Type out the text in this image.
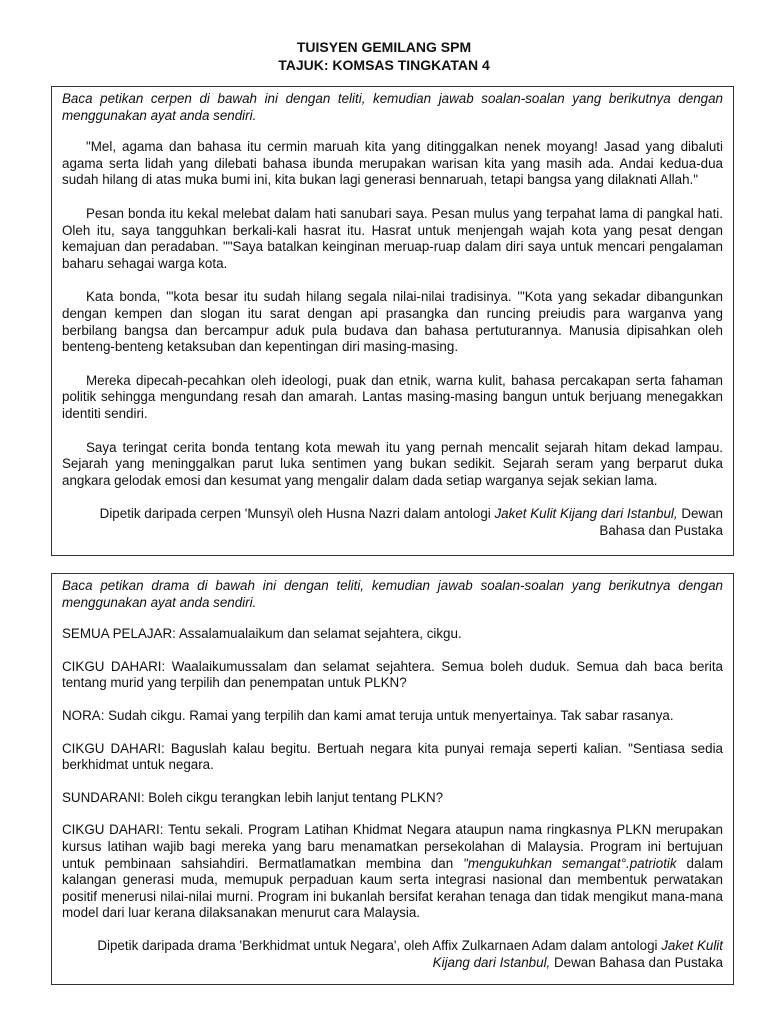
TUISYEN GEMILANG SPM
TAJUK: KOMSAS TINGKATAN 4

Baca petikan cerpen di bawah ini dengan teliti, kemudian jawab soalan-soalan yang berikutnya dengan menggunakan ayat anda sendiri.

"Mel, agama dan bahasa itu cermin maruah kita yang ditinggalkan nenek moyang! Jasad yang dibaluti agama serta lidah yang dilebati bahasa ibunda merupakan warisan kita yang masih ada. Andai kedua-dua sudah hilang di atas muka bumi ini, kita bukan lagi generasi bennaruah, tetapi bangsa yang dilaknati Allah."

Pesan bonda itu kekal melebat dalam hati sanubari saya. Pesan mulus yang terpahat lama di pangkal hati. Oleh itu, saya tangguhkan berkali-kali hasrat itu. Hasrat untuk menjengah wajah kota yang pesat dengan kemajuan dan peradaban. ""Saya batalkan keinginan meruap-ruap dalam diri saya untuk mencari pengalaman baharu sehagai warga kota.

Kata bonda, '"kota besar itu sudah hilang segala nilai-nilai tradisinya. '"Kota yang sekadar dibangunkan dengan kempen dan slogan itu sarat dengan api prasangka dan runcing preiudis para warganva yang berbilang bangsa dan bercampur aduk pula budava dan bahasa pertuturannya. Manusia dipisahkan oleh benteng-benteng ketaksuban dan kepentingan diri masing-masing.

Mereka dipecah-pecahkan oleh ideologi, puak dan etnik, warna kulit, bahasa percakapan serta fahaman politik sehingga mengundang resah dan amarah. Lantas masing-masing bangun untuk berjuang menegakkan identiti sendiri.

Saya teringat cerita bonda tentang kota mewah itu yang pernah mencalit sejarah hitam dekad lampau. Sejarah yang meninggalkan parut luka sentimen yang bukan sedikit. Sejarah seram yang berparut duka angkara gelodak emosi dan kesumat yang mengalir dalam dada setiap warganya sejak sekian lama.

Dipetik daripada cerpen 'Munsyi\ oleh Husna Nazri dalam antologi Jaket Kulit Kijang dari Istanbul, Dewan Bahasa dan Pustaka

Baca petikan drama di bawah ini dengan teliti, kemudian jawab soalan-soalan yang berikutnya dengan menggunakan ayat anda sendiri.

SEMUA PELAJAR: Assalamualaikum dan selamat sejahtera, cikgu.

CIKGU DAHARI: Waalaikumussalam dan selamat sejahtera. Semua boleh duduk. Semua dah baca berita tentang murid yang terpilih dan penempatan untuk PLKN?

NORA: Sudah cikgu. Ramai yang terpilih dan kami amat teruja untuk menyertainya. Tak sabar rasanya.

CIKGU DAHARI: Baguslah kalau begitu. Bertuah negara kita punyai remaja seperti kalian. "Sentiasa sedia berkhidmat untuk negara.

SUNDARANI: Boleh cikgu terangkan lebih lanjut tentang PLKN?

CIKGU DAHARI: Tentu sekali. Program Latihan Khidmat Negara ataupun nama ringkasnya PLKN merupakan kursus latihan wajib bagi mereka yang baru menamatkan persekolahan di Malaysia. Program ini bertujuan untuk pembinaan sahsiahdiri. Bermatlamatkan membina dan "mengukuhkan semangat°.patriotik dalam kalangan generasi muda, memupuk perpaduan kaum serta integrasi nasional dan membentuk perwatakan positif menerusi nilai-nilai murni. Program ini bukanlah bersifat kerahan tenaga dan tidak mengikut mana-mana model dari luar kerana dilaksanakan menurut cara Malaysia.

Dipetik daripada drama 'Berkhidmat untuk Negara', oleh Affix Zulkarnaen Adam dalam antologi Jaket Kulit Kijang dari Istanbul, Dewan Bahasa dan Pustaka
